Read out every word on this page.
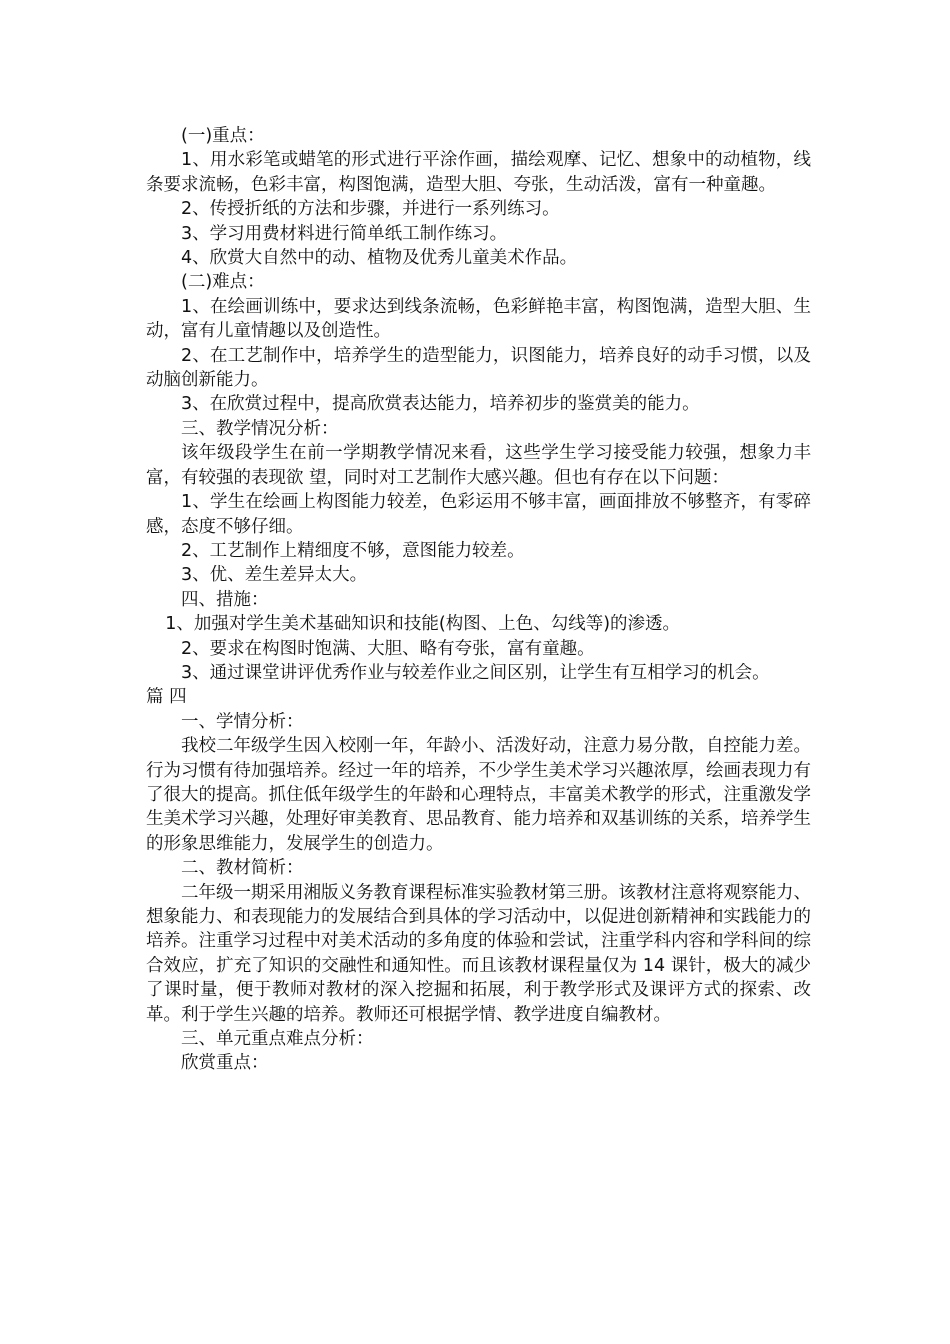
(一)重点：

1、用水彩笔或蜡笔的形式进行平涂作画，描绘观摩、记忆、想象中的动植物，线条要求流畅，色彩丰富，构图饱满，造型大胆、夸张，生动活泼，富有一种童趣。

2、传授折纸的方法和步骤，并进行一系列练习。

3、学习用费材料进行简单纸工制作练习。

4、欣赏大自然中的动、植物及优秀儿童美术作品。

(二)难点：

1、在绘画训练中，要求达到线条流畅，色彩鲜艳丰富，构图饱满，造型大胆、生动，富有儿童情趣以及创造性。

2、在工艺制作中，培养学生的造型能力，识图能力，培养良好的动手习惯，以及动脑创新能力。

3、在欣赏过程中，提高欣赏表达能力，培养初步的鉴赏美的能力。

三、教学情况分析：

该年级段学生在前一学期教学情况来看，这些学生学习接受能力较强，想象力丰富，有较强的表现欲 望，同时对工艺制作大感兴趣。但也有存在以下问题：

1、学生在绘画上构图能力较差，色彩运用不够丰富，画面排放不够整齐，有零碎感，态度不够仔细。

2、工艺制作上精细度不够，意图能力较差。

3、优、差生差异太大。

四、措施：

1、加强对学生美术基础知识和技能(构图、上色、勾线等)的渗透。

2、要求在构图时饱满、大胆、略有夸张，富有童趣。

3、通过课堂讲评优秀作业与较差作业之间区别，让学生有互相学习的机会。

篇 四

一、学情分析：

我校二年级学生因入校刚一年，年龄小、活泼好动，注意力易分散，自控能力差。行为习惯有待加强培养。经过一年的培养，不少学生美术学习兴趣浓厚，绘画表现力有了很大的提高。抓住低年级学生的年龄和心理特点，丰富美术教学的形式，注重激发学生美术学习兴趣，处理好审美教育、思品教育、能力培养和双基训练的关系，培养学生的形象思维能力，发展学生的创造力。

二、教材简析：

二年级一期采用湘版义务教育课程标准实验教材第三册。该教材注意将观察能力、想象能力、和表现能力的发展结合到具体的学习活动中，以促进创新精神和实践能力的培养。注重学习过程中对美术活动的多角度的体验和尝试，注重学科内容和学科间的综合效应，扩充了知识的交融性和通知性。而且该教材课程量仅为 14 课针，极大的减少了课时量，便于教师对教材的深入挖掘和拓展，利于教学形式及课评方式的探索、改革。利于学生兴趣的培养。教师还可根据学情、教学进度自编教材。

三、单元重点难点分析：

欣赏重点：
